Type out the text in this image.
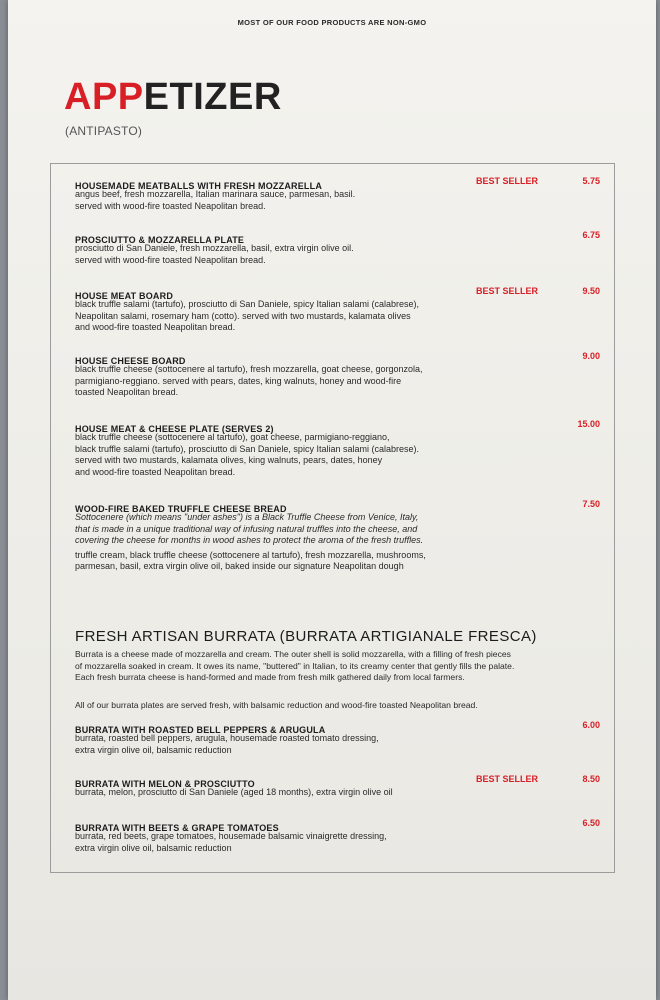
MOST OF OUR FOOD PRODUCTS ARE NON-GMO
APPETIZER
(ANTIPASTO)
HOUSEMADE MEATBALLS WITH FRESH MOZZARELLA	BEST SELLER	5.75
angus beef, fresh mozzarella, Italian marinara sauce, parmesan, basil.
served with wood-fire toasted Neapolitan bread.
PROSCIUTTO & MOZZARELLA PLATE	6.75
prosciutto di San Daniele, fresh mozzarella, basil, extra virgin olive oil.
served with wood-fire toasted Neapolitan bread.
HOUSE MEAT BOARD	BEST SELLER	9.50
black truffle salami (tartufo), prosciutto di San Daniele, spicy Italian salami (calabrese),
Neapolitan salami, rosemary ham (cotto). served with two mustards, kalamata olives
and wood-fire toasted Neapolitan bread.
HOUSE CHEESE BOARD	9.00
black truffle cheese (sottocenere al tartufo), fresh mozzarella, goat cheese, gorgonzola,
parmigiano-reggiano. served with pears, dates, king walnuts, honey and wood-fire
toasted Neapolitan bread.
HOUSE MEAT & CHEESE PLATE (SERVES 2)	15.00
black truffle cheese (sottocenere al tartufo), goat cheese, parmigiano-reggiano,
black truffle salami (tartufo), prosciutto di San Daniele, spicy Italian salami (calabrese).
served with two mustards, kalamata olives, king walnuts, pears, dates, honey
and wood-fire toasted Neapolitan bread.
WOOD-FIRE BAKED TRUFFLE CHEESE BREAD	7.50
Sottocenere (which means "under ashes") is a Black Truffle Cheese from Venice, Italy,
that is made in a unique traditional way of infusing natural truffles into the cheese, and
covering the cheese for months in wood ashes to protect the aroma of the fresh truffles.
truffle cream, black truffle cheese (sottocenere al tartufo), fresh mozzarella, mushrooms,
parmesan, basil, extra virgin olive oil, baked inside our signature Neapolitan dough
FRESH ARTISAN BURRATA (BURRATA ARTIGIANALE FRESCA)
Burrata is a cheese made of mozzarella and cream. The outer shell is solid mozzarella, with a filling of fresh pieces
of mozzarella soaked in cream. It owes its name, "buttered" in Italian, to its creamy center that gently fills the palate.
Each fresh burrata cheese is hand-formed and made from fresh milk gathered daily from local farmers.
All of our burrata plates are served fresh, with balsamic reduction and wood-fire toasted Neapolitan bread.
BURRATA WITH ROASTED BELL PEPPERS & ARUGULA	6.00
burrata, roasted bell peppers, arugula, housemade roasted tomato dressing,
extra virgin olive oil, balsamic reduction
BURRATA WITH MELON & PROSCIUTTO	BEST SELLER	8.50
burrata, melon, prosciutto di San Daniele (aged 18 months), extra virgin olive oil
BURRATA WITH BEETS & GRAPE TOMATOES	6.50
burrata, red beets, grape tomatoes, housemade balsamic vinaigrette dressing,
extra virgin olive oil, balsamic reduction
